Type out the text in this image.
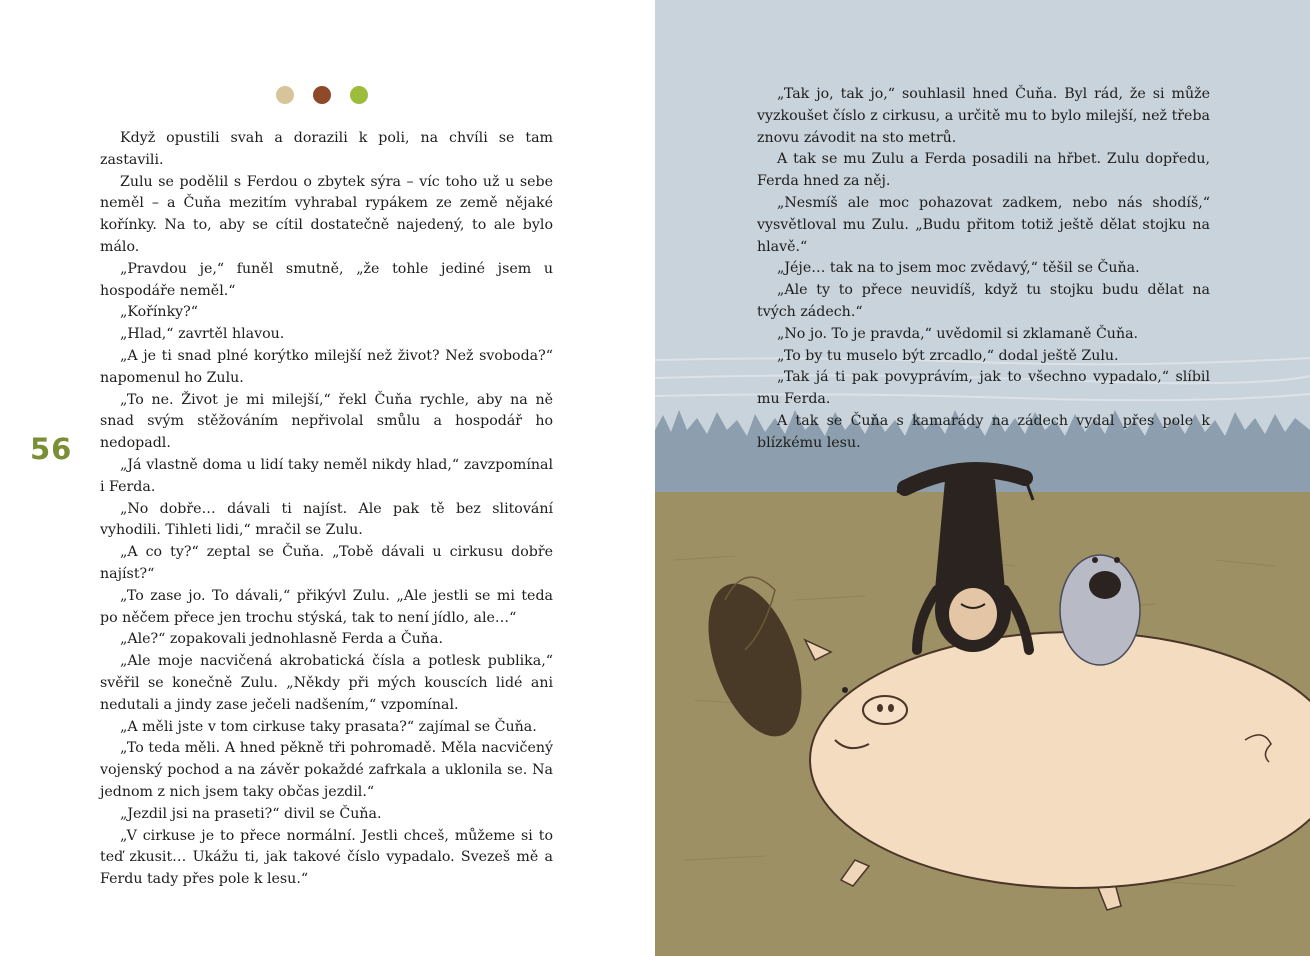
56

Když opustili svah a dorazili k poli, na chvíli se tam zastavili.

Zulu se podělil s Ferdou o zbytek sýra – víc toho už u sebe neměl – a Čuňa mezitím vyhrabal rypákem ze země nějaké kořínky. Na to, aby se cítil dostatečně najedený, to ale bylo málo.

„Pravdou je,“ funěl smutně, „že tohle jediné jsem u hospodáře neměl.“

„Kořínky?“

„Hlad,“ zavrtěl hlavou.

„A je ti snad plné korýtko milejší než život? Než svoboda?“ napomenul ho Zulu.

„To ne. Život je mi milejší,“ řekl Čuňa rychle, aby na ně snad svým stěžováním nepřivolal smůlu a hospodář ho nedopadl.

„Já vlastně doma u lidí taky neměl nikdy hlad,“ zavzpomínal i Ferda.

„No dobře… dávali ti najíst. Ale pak tě bez slitování vyhodili. Tihleti lidi,“ mračil se Zulu.

„A co ty?“ zeptal se Čuňa. „Tobě dávali u cirkusu dobře najíst?“

„To zase jo. To dávali,“ přikývl Zulu. „Ale jestli se mi teda po něčem přece jen trochu stýská, tak to není jídlo, ale…“

„Ale?“ zopakovali jednohlasně Ferda a Čuňa.

„Ale moje nacvičená akrobatická čísla a potlesk publika,“ svěřil se konečně Zulu. „Někdy při mých kouscích lidé ani nedutali a jindy zase ječeli nadšením,“ vzpomínal.

„A měli jste v tom cirkuse taky prasata?“ zajímal se Čuňa.

„To teda měli. A hned pěkně tři pohromadě. Měla nacvičený vojenský pochod a na závěr pokaždé zafrkala a uklonila se. Na jednom z nich jsem taky občas jezdil.“

„Jezdil jsi na praseti?“ divil se Čuňa.

„V cirkuse je to přece normální. Jestli chceš, můžeme si to teď zkusit… Ukážu ti, jak takové číslo vypadalo. Svezeš mě a Ferdu tady přes pole k lesu.“

„Tak jo, tak jo,“ souhlasil hned Čuňa. Byl rád, že si může vyzkoušet číslo z cirkusu, a určitě mu to bylo milejší, než třeba znovu závodit na sto metrů.

A tak se mu Zulu a Ferda posadili na hřbet. Zulu dopředu, Ferda hned za něj.

„Nesmíš ale moc pohazovat zadkem, nebo nás shodíš,“ vysvětloval mu Zulu. „Budu přitom totiž ještě dělat stojku na hlavě.“

„Jéje… tak na to jsem moc zvědavý,“ těšil se Čuňa.

„Ale ty to přece neuvidíš, když tu stojku budu dělat na tvých zádech.“

„No jo. To je pravda,“ uvědomil si zklamaně Čuňa.

„To by tu muselo být zrcadlo,“ dodal ještě Zulu.

„Tak já ti pak povyprávím, jak to všechno vypadalo,“ slíbil mu Ferda.

A tak se Čuňa s kamarády na zádech vydal přes pole k blízkému lesu.
